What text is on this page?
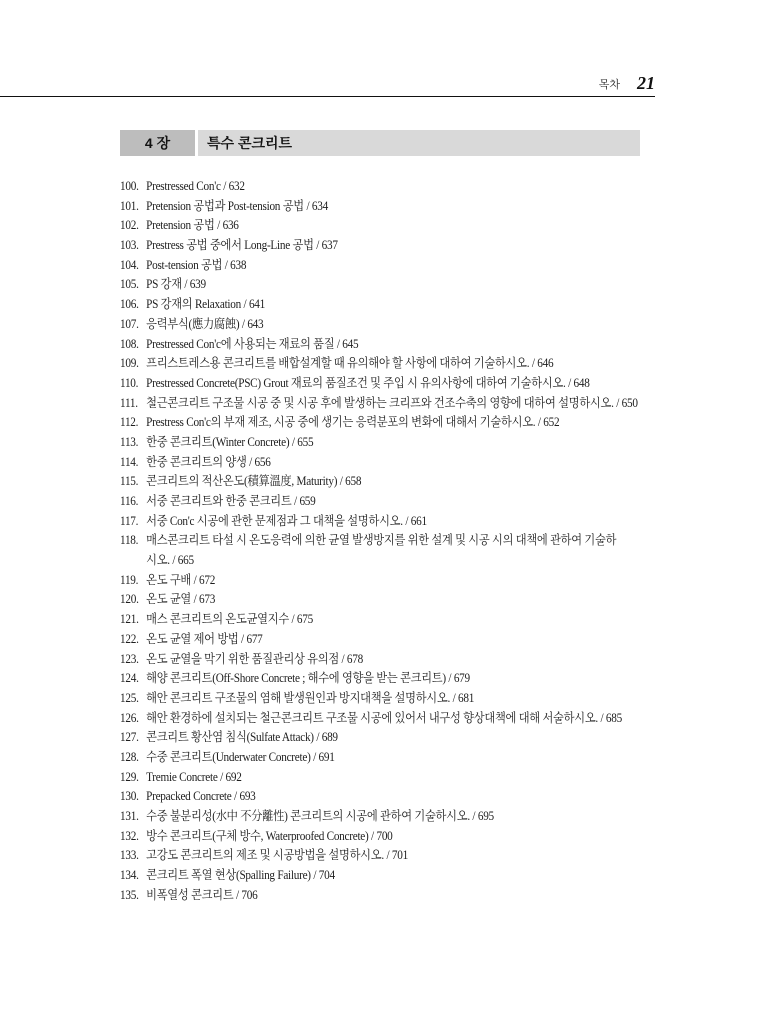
목차 21
4 장	특수 콘크리트
100. Prestressed Con'c / 632
101. Pretension 공법과 Post-tension 공법 / 634
102. Pretension 공법 / 636
103. Prestress 공법 중에서 Long-Line 공법 / 637
104. Post-tension 공법 / 638
105. PS 강재 / 639
106. PS 강재의 Relaxation / 641
107. 응력부식(應力腐蝕) / 643
108. Prestressed Con'c에 사용되는 재료의 품질 / 645
109. 프리스트레스용 콘크리트를 배합설계할 때 유의해야 할 사항에 대하여 기술하시오. / 646
110. Prestressed Concrete(PSC) Grout 재료의 품질조건 및 주입 시 유의사항에 대하여 기술하시오. / 648
111. 철근콘크리트 구조물 시공 중 및 시공 후에 발생하는 크리프와 건조수축의 영향에 대하여 설명하시오. / 650
112. Prestress Con'c의 부재 제조, 시공 중에 생기는 응력분포의 변화에 대해서 기술하시오. / 652
113. 한중 콘크리트(Winter Concrete) / 655
114. 한중 콘크리트의 양생 / 656
115. 콘크리트의 적산온도(積算溫度, Maturity) / 658
116. 서중 콘크리트와 한중 콘크리트 / 659
117. 서중 Con'c 시공에 관한 문제점과 그 대책을 설명하시오. / 661
118. 매스콘크리트 타설 시 온도응력에 의한 균열 발생방지를 위한 설계 및 시공 시의 대책에 관하여 기술하
시오. / 665
119. 온도 구배 / 672
120. 온도 균열 / 673
121. 매스 콘크리트의 온도균열지수 / 675
122. 온도 균열 제어 방법 / 677
123. 온도 균열을 막기 위한 품질관리상 유의점 / 678
124. 해양 콘크리트(Off-Shore Concrete ; 해수에 영향을 받는 콘크리트) / 679
125. 해안 콘크리트 구조물의 염해 발생원인과 방지대책을 설명하시오. / 681
126. 해안 환경하에 설치되는 철근콘크리트 구조물 시공에 있어서 내구성 향상대책에 대해 서술하시오. / 685
127. 콘크리트 황산염 침식(Sulfate Attack) / 689
128. 수중 콘크리트(Underwater Concrete) / 691
129. Tremie Concrete / 692
130. Prepacked Concrete / 693
131. 수중 불분리성(水中 不分離性) 콘크리트의 시공에 관하여 기술하시오. / 695
132. 방수 콘크리트(구체 방수, Waterproofed Concrete) / 700
133. 고강도 콘크리트의 제조 및 시공방법을 설명하시오. / 701
134. 콘크리트 폭열 현상(Spalling Failure) / 704
135. 비폭열성 콘크리트 / 706
